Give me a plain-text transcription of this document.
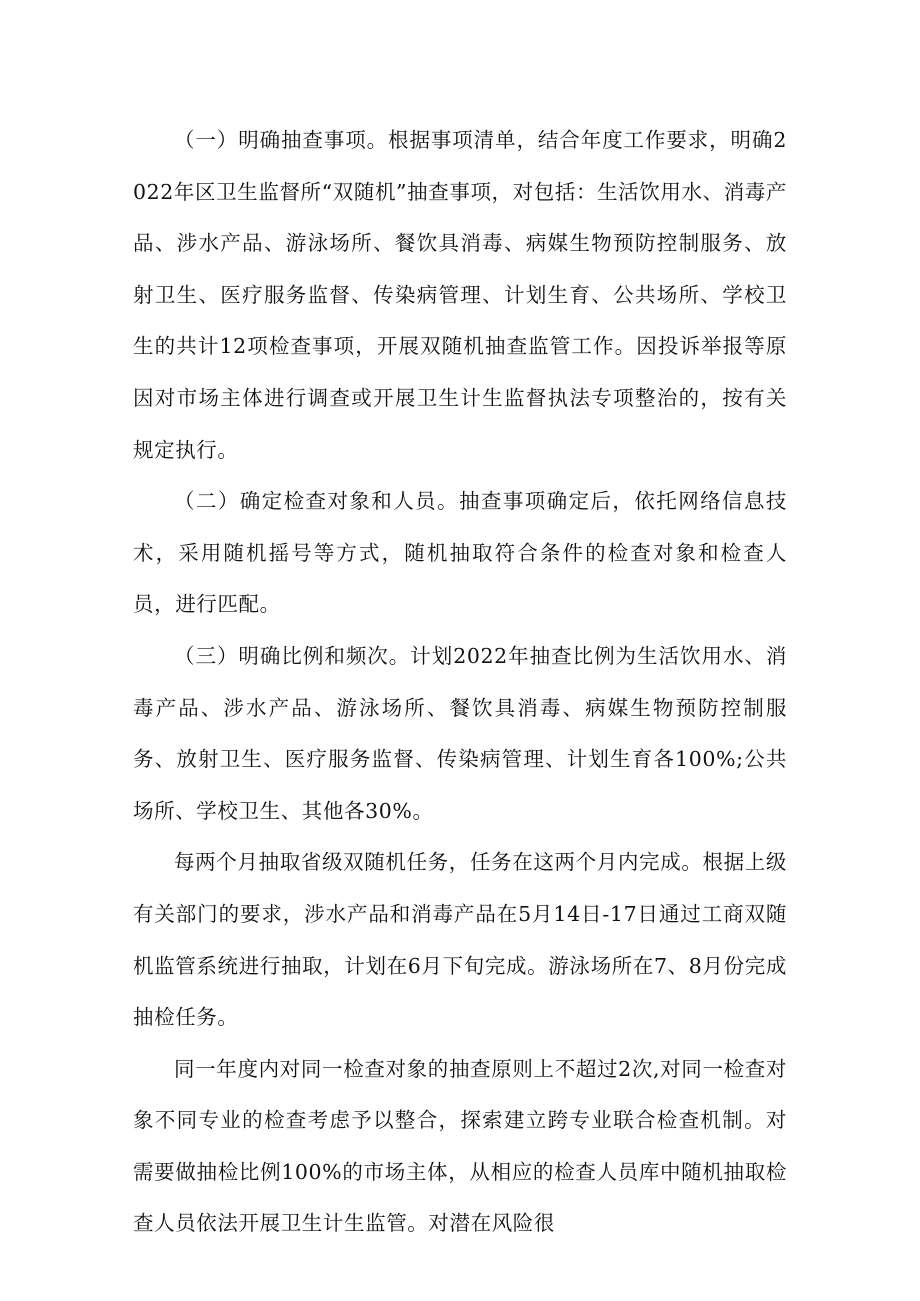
（一）明确抽查事项。根据事项清单，结合年度工作要求，明确2022年区卫生监督所“双随机”抽查事项，对包括：生活饮用水、消毒产品、涉水产品、游泳场所、餐饮具消毒、病媒生物预防控制服务、放射卫生、医疗服务监督、传染病管理、计划生育、公共场所、学校卫生的共计12项检查事项，开展双随机抽查监管工作。因投诉举报等原因对市场主体进行调查或开展卫生计生监督执法专项整治的，按有关规定执行。

（二）确定检查对象和人员。抽查事项确定后，依托网络信息技术，采用随机摇号等方式，随机抽取符合条件的检查对象和检查人员，进行匹配。

（三）明确比例和频次。计划2022年抽查比例为生活饮用水、消毒产品、涉水产品、游泳场所、餐饮具消毒、病媒生物预防控制服务、放射卫生、医疗服务监督、传染病管理、计划生育各100%;公共场所、学校卫生、其他各30%。

每两个月抽取省级双随机任务，任务在这两个月内完成。根据上级有关部门的要求，涉水产品和消毒产品在5月14日-17日通过工商双随机监管系统进行抽取，计划在6月下旬完成。游泳场所在7、8月份完成抽检任务。

同一年度内对同一检查对象的抽查原则上不超过2次,对同一检查对象不同专业的检查考虑予以整合，探索建立跨专业联合检查机制。对需要做抽检比例100%的市场主体，从相应的检查人员库中随机抽取检查人员依法开展卫生计生监管。对潜在风险很
